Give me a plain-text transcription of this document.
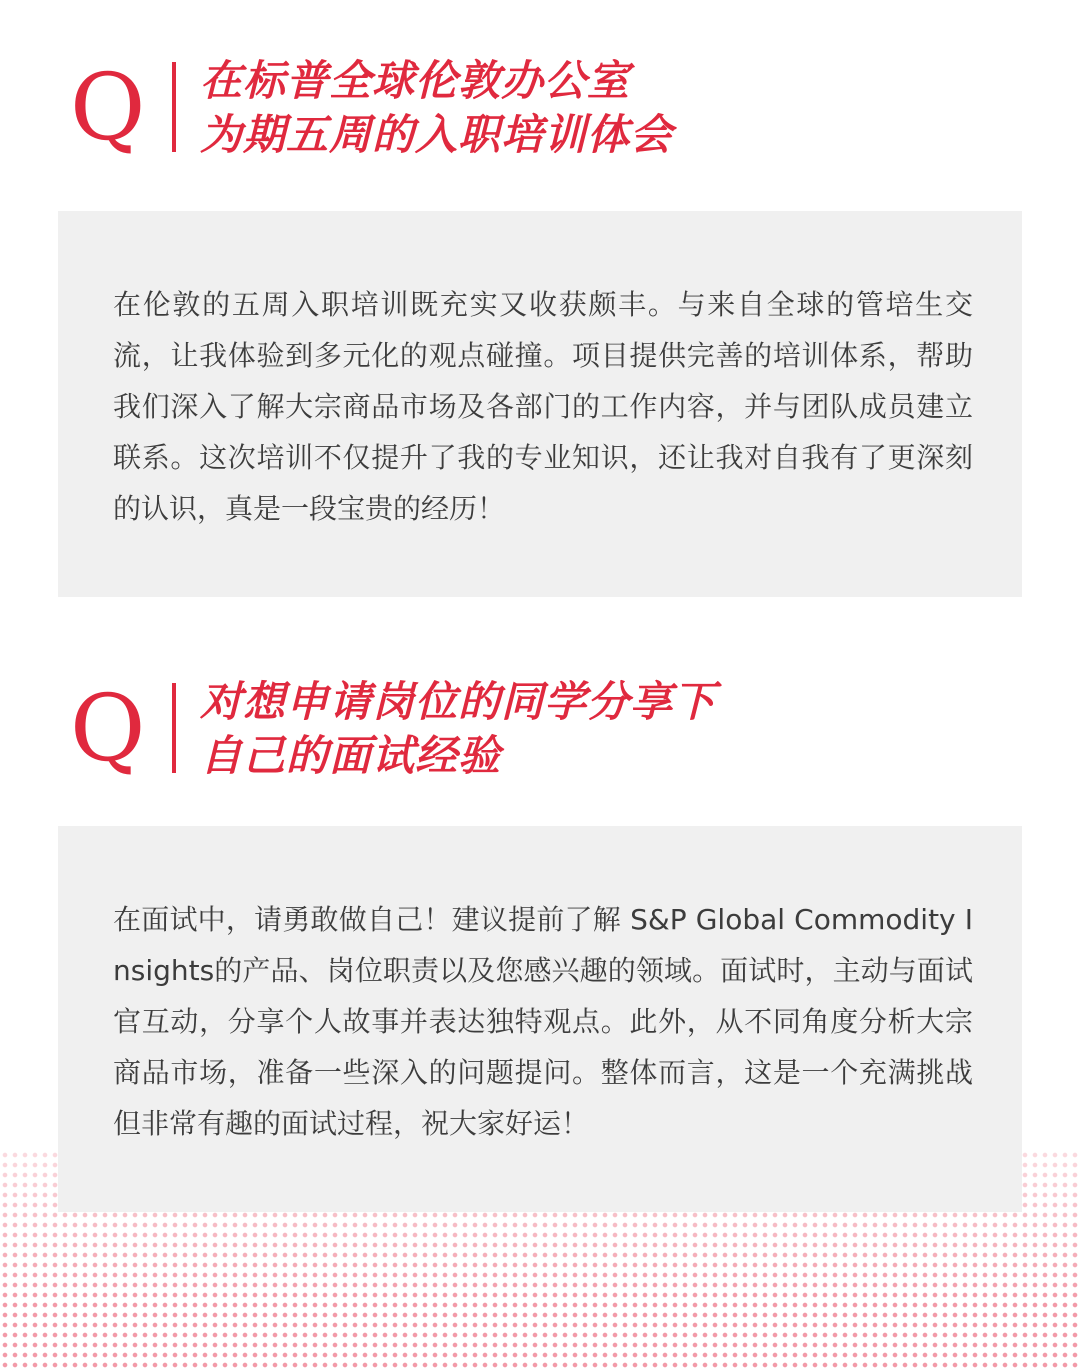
Q 在标普全球伦敦办公室
为期五周的入职培训体会
在伦敦的五周入职培训既充实又收获颇丰。与来自全球的管培生交流，让我体验到多元化的观点碰撞。项目提供完善的培训体系，帮助我们深入了解大宗商品市场及各部门的工作内容，并与团队成员建立联系。这次培训不仅提升了我的专业知识，还让我对自我有了更深刻的认识，真是一段宝贵的经历！
Q 对想申请岗位的同学分享下
自己的面试经验
在面试中，请勇敢做自己！建议提前了解 S&P Global Commodity Insights的产品、岗位职责以及您感兴趣的领域。面试时，主动与面试官互动，分享个人故事并表达独特观点。此外，从不同角度分析大宗商品市场，准备一些深入的问题提问。整体而言，这是一个充满挑战但非常有趣的面试过程，祝大家好运！
